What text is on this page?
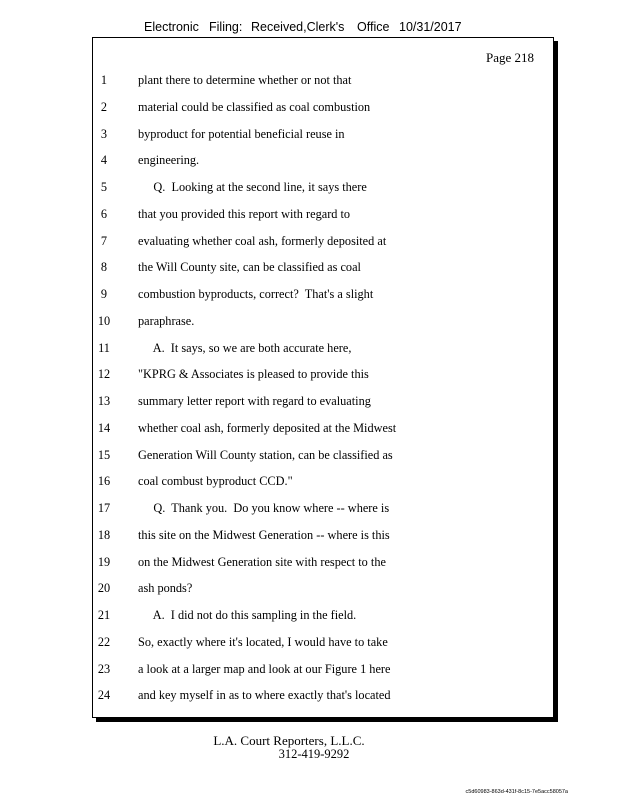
Electronic Filing: Received,Clerk's Office 10/31/2017
Page 218
1	plant there to determine whether or not that
2	material could be classified as coal combustion
3	byproduct for potential beneficial reuse in
4	engineering.
5	Q.  Looking at the second line, it says there
6	that you provided this report with regard to
7	evaluating whether coal ash, formerly deposited at
8	the Will County site, can be classified as coal
9	combustion byproducts, correct?  That's a slight
10	paraphrase.
11	A.  It says, so we are both accurate here,
12	"KPRG & Associates is pleased to provide this
13	summary letter report with regard to evaluating
14	whether coal ash, formerly deposited at the Midwest
15	Generation Will County station, can be classified as
16	coal combust byproduct CCD."
17	Q.  Thank you.  Do you know where -- where is
18	this site on the Midwest Generation -- where is this
19	on the Midwest Generation site with respect to the
20	ash ponds?
21	A.  I did not do this sampling in the field.
22	So, exactly where it's located, I would have to take
23	a look at a larger map and look at our Figure 1 here
24	and key myself in as to where exactly that's located
L.A. Court Reporters, L.L.C.
312-419-9292
c5d60983-863d-431f-8c15-7e5acc58057a
